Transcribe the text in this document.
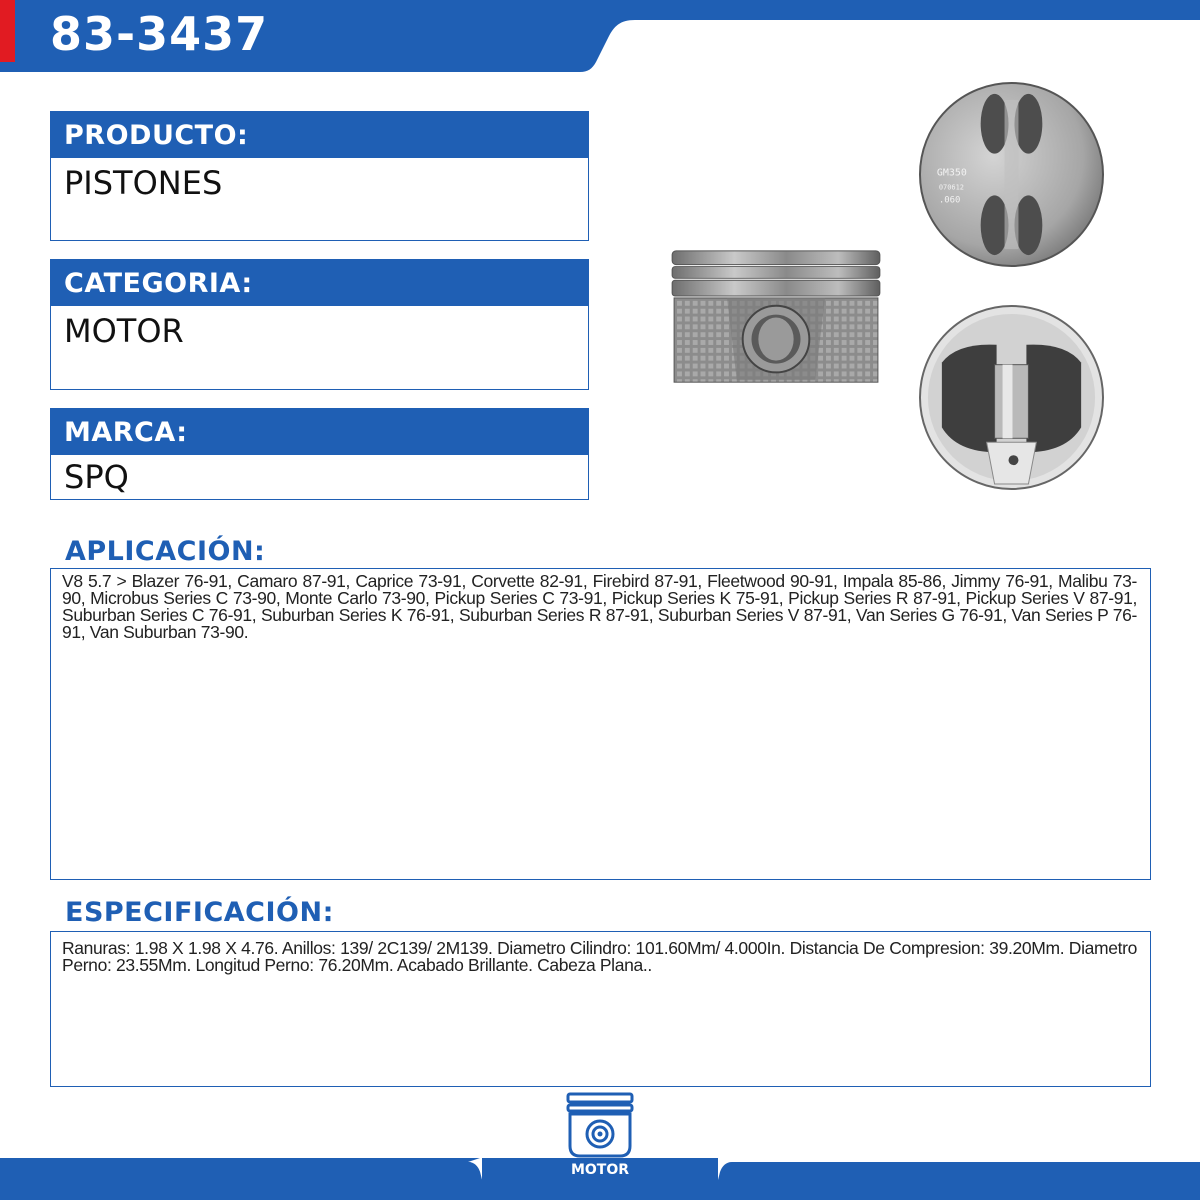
83-3437
PRODUCTO:
PISTONES
CATEGORIA:
MOTOR
MARCA:
SPQ
GM350
070612
.060
APLICACIÓN:

V8 5.7 > Blazer 76-91, Camaro 87-91, Caprice 73-91, Corvette 82-91, Firebird 87-91, Fleetwood 90-91, Impala 85-86, Jimmy 76-91, Malibu 73-90, Microbus Series C 73-90, Monte Carlo 73-90, Pickup Series C 73-91, Pickup Series K 75-91, Pickup Series R 87-91, Pickup Series V 87-91, Suburban Series C 76-91, Suburban Series K 76-91, Suburban Series R 87-91, Suburban Series V 87-91, Van Series G 76-91, Van Series P 76-91, Van Suburban 73-90.

ESPECIFICACIÓN:

Ranuras: 1.98 X 1.98 X 4.76. Anillos: 139/ 2C139/ 2M139. Diametro Cilindro: 101.60Mm/ 4.000In. Distancia De Compresion: 39.20Mm. Diametro Perno: 23.55Mm. Longitud Perno: 76.20Mm. Acabado Brillante. Cabeza Plana..

MOTOR
